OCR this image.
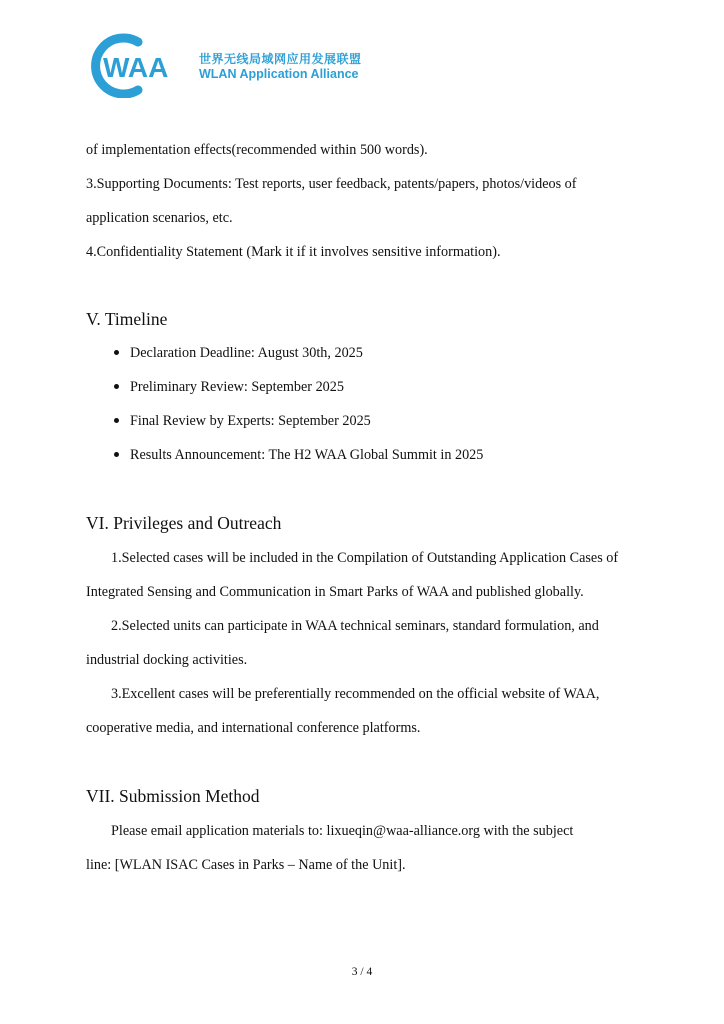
WAA	世界无线局域网应用发展联盟
WLAN Application Alliance
of implementation effects(recommended within 500 words).
3.Supporting Documents: Test reports, user feedback, patents/papers, photos/videos of
application scenarios, etc.
4.Confidentiality Statement (Mark it if it involves sensitive information).
V. Timeline
Declaration Deadline: August 30th, 2025
Preliminary Review: September 2025
Final Review by Experts: September 2025
Results Announcement: The H2 WAA Global Summit in 2025
VI. Privileges and Outreach
1.Selected cases will be included in the Compilation of Outstanding Application Cases of
Integrated Sensing and Communication in Smart Parks of WAA and published globally.
2.Selected units can participate in WAA technical seminars, standard formulation, and
industrial docking activities.
3.Excellent cases will be preferentially recommended on the official website of WAA,
cooperative media, and international conference platforms.
VII. Submission Method
Please email application materials to: lixueqin@waa-alliance.org with the subject
line: [WLAN ISAC Cases in Parks – Name of the Unit].
3 / 4
